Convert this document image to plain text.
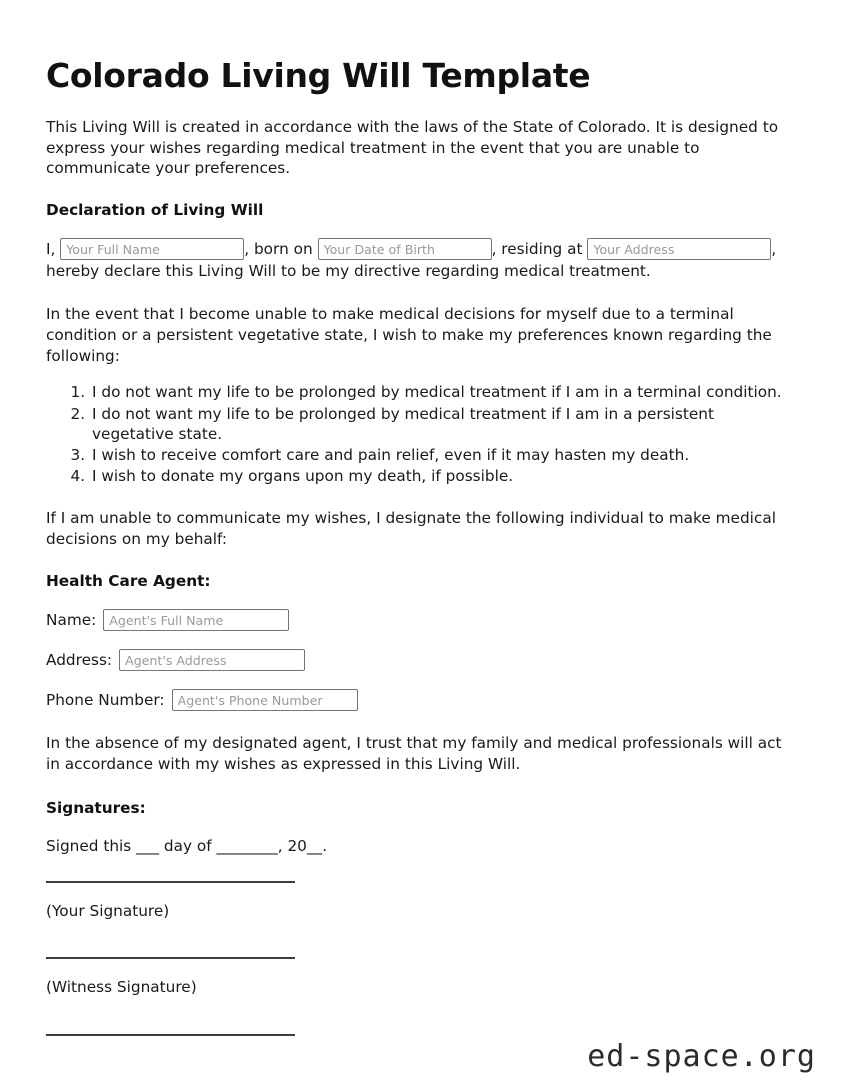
Colorado Living Will Template

This Living Will is created in accordance with the laws of the State of Colorado. It is designed to express your wishes regarding medical treatment in the event that you are unable to communicate your preferences.

Declaration of Living Will
I, Your Full Name	, born on Your Date of Birth	, residing at Your Address	, hereby declare this Living Will to be my directive regarding medical treatment.

In the event that I become unable to make medical decisions for myself due to a terminal condition or a persistent vegetative state, I wish to make my preferences known regarding the following:

1. I do not want my life to be prolonged by medical treatment if I am in a terminal condition.
2. I do not want my life to be prolonged by medical treatment if I am in a persistent vegetative state.
3. I wish to receive comfort care and pain relief, even if it may hasten my death.
4. I wish to donate my organs upon my death, if possible.

If I am unable to communicate my wishes, I designate the following individual to make medical decisions on my behalf:

Health Care Agent:
Name:
Agent's Full Name
Address:
Agent's Address
Phone Number:
Agent's Phone Number

In the absence of my designated agent, I trust that my family and medical professionals will act in accordance with my wishes as expressed in this Living Will.

Signatures:

Signed this ___ day of ________, 20__.

(Your Signature)

(Witness Signature)

ed-space.org
